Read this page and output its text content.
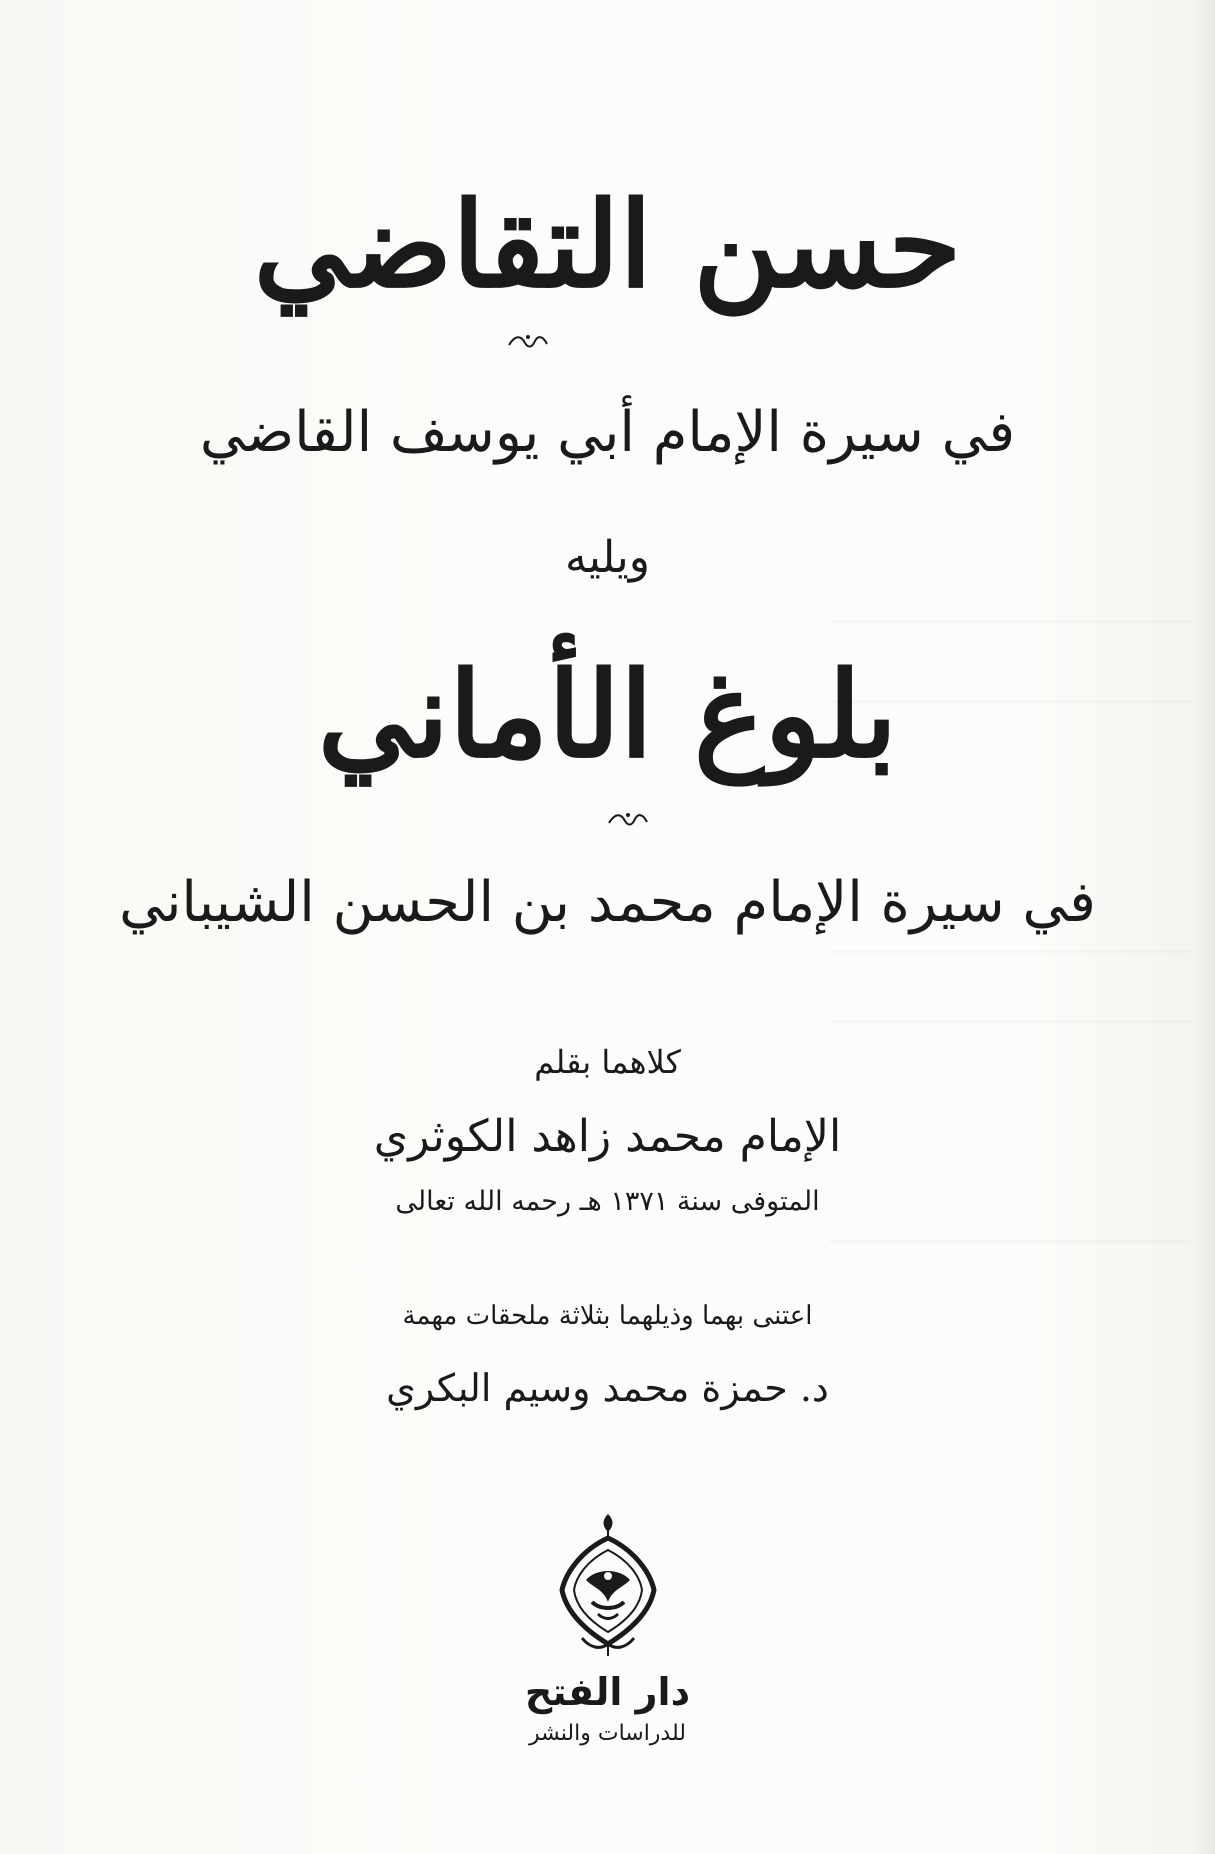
حسن التقاضي
في سيرة الإمام أبي يوسف القاضي
ويليه
بلوغ الأماني
في سيرة الإمام محمد بن الحسن الشيباني
كلاهما بقلم
الإمام محمد زاهد الكوثري
المتوفى سنة ١٣٧١ هـ رحمه الله تعالى
اعتنى بهما وذيلهما بثلاثة ملحقات مهمة
د. حمزة محمد وسيم البكري
دار الفتح
للدراسات والنشر
